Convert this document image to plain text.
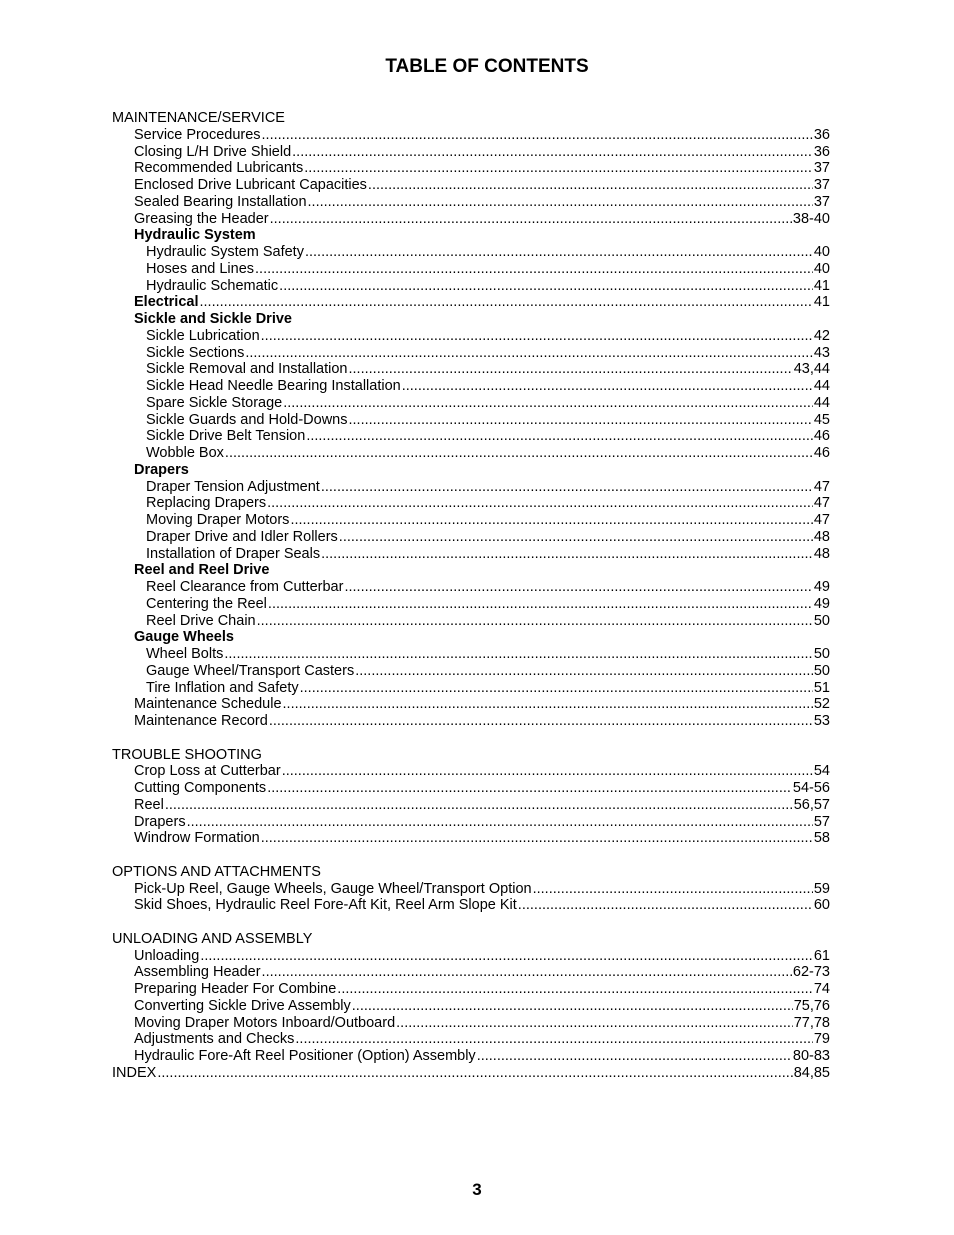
TABLE OF CONTENTS
MAINTENANCE/SERVICE
Service Procedures .....	36
Closing L/H Drive Shield .....	36
Recommended Lubricants .....	37
Enclosed Drive Lubricant Capacities .....	37
Sealed Bearing Installation .....	37
Greasing the Header .....	38-40
Hydraulic System
Hydraulic System Safety .....	40
Hoses and Lines .....	40
Hydraulic Schematic .....	41
Electrical .....	41
Sickle and Sickle Drive
Sickle Lubrication .....	42
Sickle Sections .....	43
Sickle Removal and Installation .....	43,44
Sickle Head Needle Bearing Installation .....	44
Spare Sickle Storage .....	44
Sickle Guards and Hold-Downs .....	45
Sickle Drive Belt Tension .....	46
Wobble Box .....	46
Drapers
Draper Tension Adjustment .....	47
Replacing Drapers .....	47
Moving Draper Motors .....	47
Draper Drive and Idler Rollers .....	48
Installation of Draper Seals .....	48
Reel and Reel Drive
Reel Clearance from Cutterbar .....	49
Centering the Reel .....	49
Reel Drive Chain .....	50
Gauge Wheels
Wheel Bolts .....	50
Gauge Wheel/Transport Casters .....	50
Tire Inflation and Safety .....	51
Maintenance Schedule .....	52
Maintenance Record .....	53
TROUBLE SHOOTING
Crop Loss at Cutterbar .....	54
Cutting Components .....	54-56
Reel .....	56,57
Drapers .....	57
Windrow Formation .....	58
OPTIONS AND ATTACHMENTS
Pick-Up Reel, Gauge Wheels, Gauge Wheel/Transport Option .....	59
Skid Shoes, Hydraulic Reel Fore-Aft Kit, Reel Arm Slope Kit .....	60
UNLOADING AND ASSEMBLY
Unloading .....	61
Assembling Header .....	62-73
Preparing Header For Combine .....	74
Converting Sickle Drive Assembly .....	75,76
Moving Draper Motors Inboard/Outboard .....	77,78
Adjustments and Checks .....	79
Hydraulic Fore-Aft Reel Positioner (Option) Assembly .....	80-83
INDEX .....	84,85
3
